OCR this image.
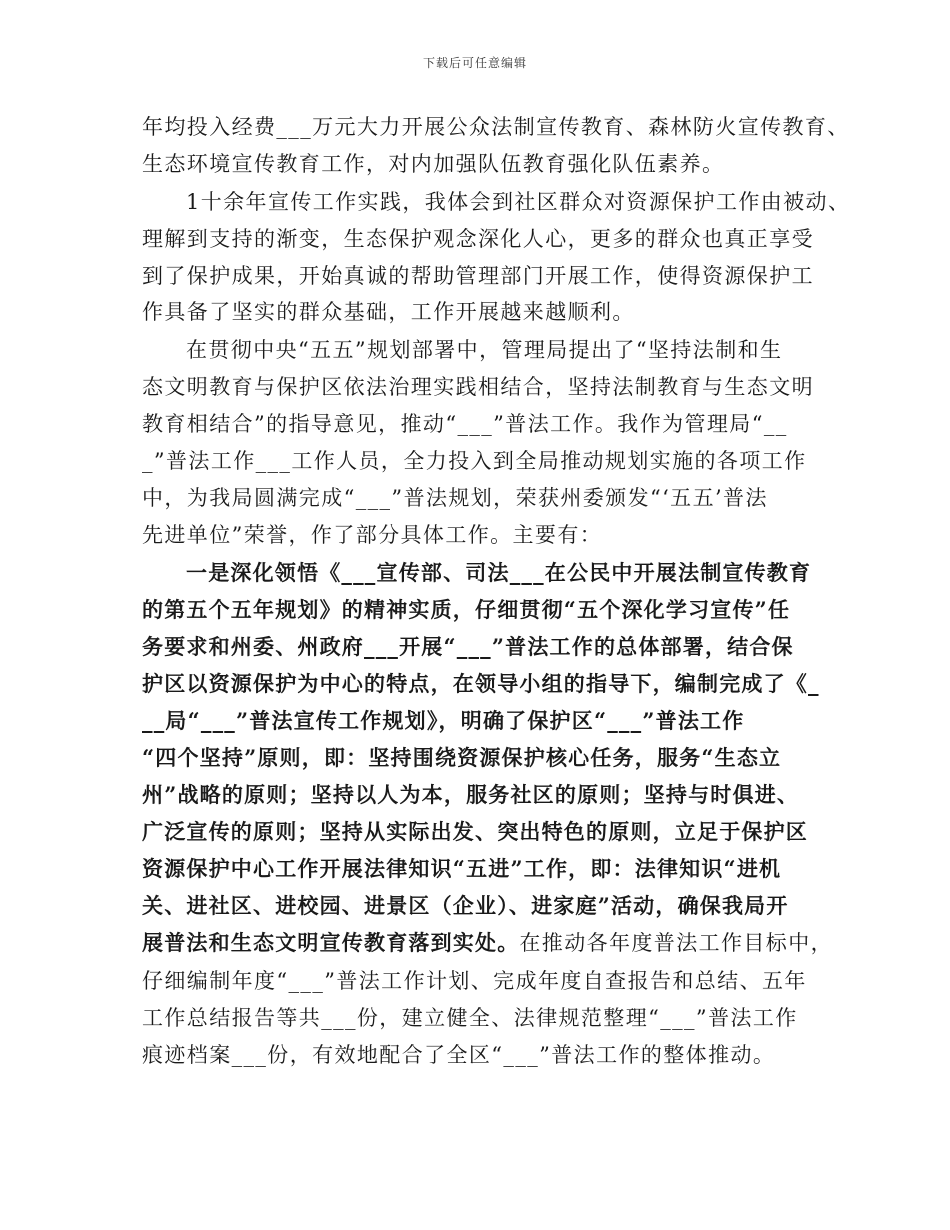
下载后可任意编辑
年均投入经费___万元大力开展公众法制宣传教育、森林防火宣传教育、
生态环境宣传教育工作，对内加强队伍教育强化队伍素养。
1十余年宣传工作实践，我体会到社区群众对资源保护工作由被动、
理解到支持的渐变，生态保护观念深化人心，更多的群众也真正享受
到了保护成果，开始真诚的帮助管理部门开展工作，使得资源保护工
作具备了坚实的群众基础，工作开展越来越顺利。
在贯彻中央“五五”规划部署中，管理局提出了“坚持法制和生
态文明教育与保护区依法治理实践相结合，坚持法制教育与生态文明
教育相结合”的指导意见，推动“___”普法工作。我作为管理局“__
_”普法工作___工作人员，全力投入到全局推动规划实施的各项工作
中，为我局圆满完成“___”普法规划，荣获州委颁发“‘五五’普法
先进单位”荣誉，作了部分具体工作。主要有：
一是深化领悟《___宣传部、司法___在公民中开展法制宣传教育
的第五个五年规划》的精神实质，仔细贯彻“五个深化学习宣传”任
务要求和州委、州政府___开展“___”普法工作的总体部署，结合保
护区以资源保护为中心的特点，在领导小组的指导下，编制完成了《_
__局“___”普法宣传工作规划》，明确了保护区“___”普法工作
“四个坚持”原则，即：坚持围绕资源保护核心任务，服务“生态立
州”战略的原则；坚持以人为本，服务社区的原则；坚持与时俱进、
广泛宣传的原则；坚持从实际出发、突出特色的原则，立足于保护区
资源保护中心工作开展法律知识“五进”工作，即：法律知识“进机
关、进社区、进校园、进景区（企业）、进家庭”活动，确保我局开
展普法和生态文明宣传教育落到实处。在推动各年度普法工作目标中，
仔细编制年度“___”普法工作计划、完成年度自查报告和总结、五年
工作总结报告等共___份，建立健全、法律规范整理“___”普法工作
痕迹档案___份，有效地配合了全区“___”普法工作的整体推动。
